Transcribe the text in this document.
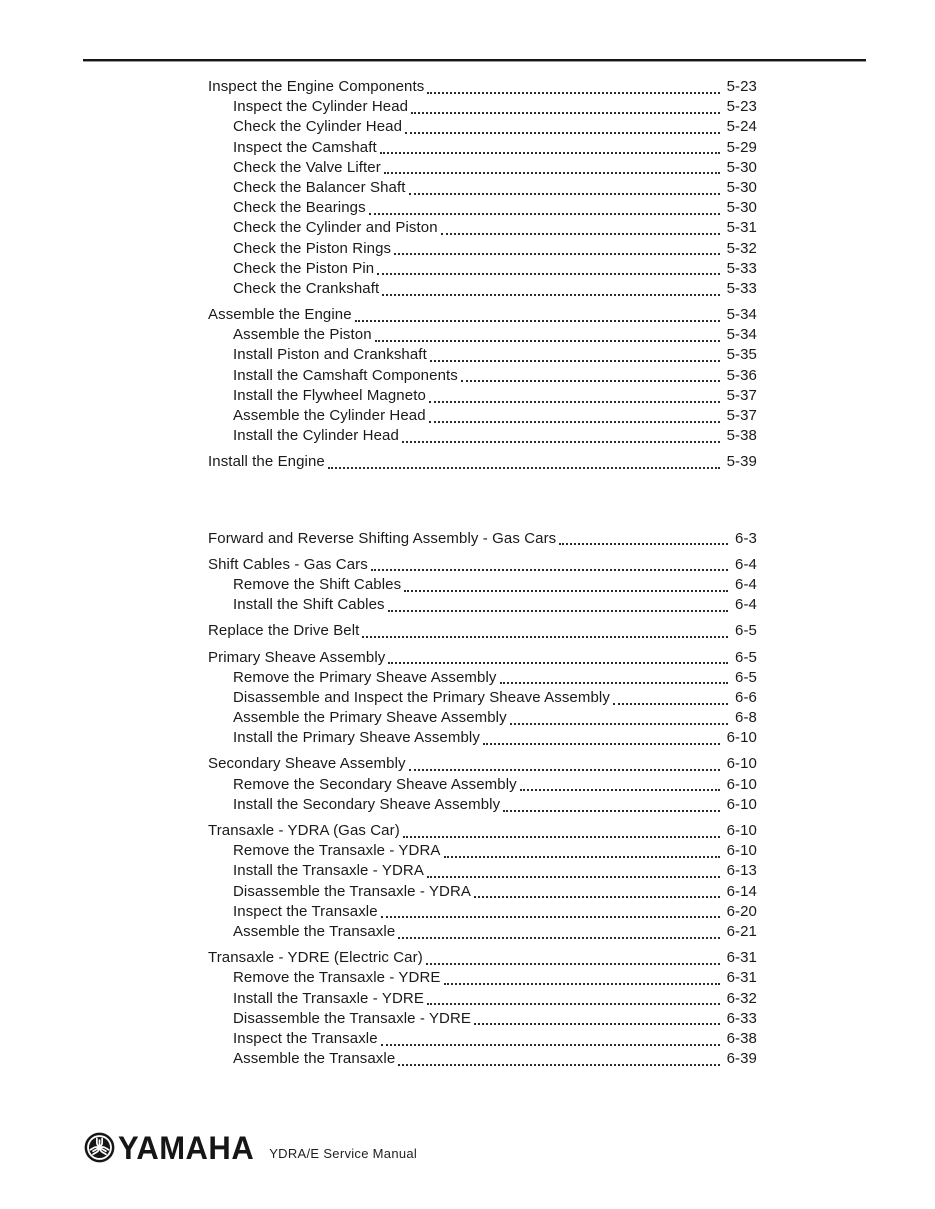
Inspect the Engine Components	5-23
Inspect the Cylinder Head	5-23
Check the Cylinder Head	5-24
Inspect the Camshaft	5-29
Check the Valve Lifter	5-30
Check the Balancer Shaft	5-30
Check the Bearings	5-30
Check the Cylinder and Piston	5-31
Check the Piston Rings	5-32
Check the Piston Pin	5-33
Check the Crankshaft	5-33
Assemble the Engine	5-34
Assemble the Piston	5-34
Install Piston and Crankshaft	5-35
Install the Camshaft Components	5-36
Install the Flywheel Magneto	5-37
Assemble the Cylinder Head	5-37
Install the Cylinder Head	5-38
Install the Engine	5-39
Forward and Reverse Shifting Assembly - Gas Cars	6-3
Shift Cables - Gas Cars	6-4
Remove the Shift Cables	6-4
Install the Shift Cables	6-4
Replace the Drive Belt	6-5
Primary Sheave Assembly	6-5
Remove the Primary Sheave Assembly	6-5
Disassemble and Inspect the Primary Sheave Assembly	6-6
Assemble the Primary Sheave Assembly	6-8
Install the Primary Sheave Assembly	6-10
Secondary Sheave Assembly	6-10
Remove the Secondary Sheave Assembly	6-10
Install the Secondary Sheave Assembly	6-10
Transaxle - YDRA (Gas Car)	6-10
Remove the Transaxle - YDRA	6-10
Install the Transaxle - YDRA	6-13
Disassemble the Transaxle - YDRA	6-14
Inspect the Transaxle	6-20
Assemble the Transaxle	6-21
Transaxle - YDRE (Electric Car)	6-31
Remove the Transaxle - YDRE	6-31
Install the Transaxle - YDRE	6-32
Disassemble the Transaxle - YDRE	6-33
Inspect the Transaxle	6-38
Assemble the Transaxle	6-39
YAMAHA YDRA/E Service Manual
